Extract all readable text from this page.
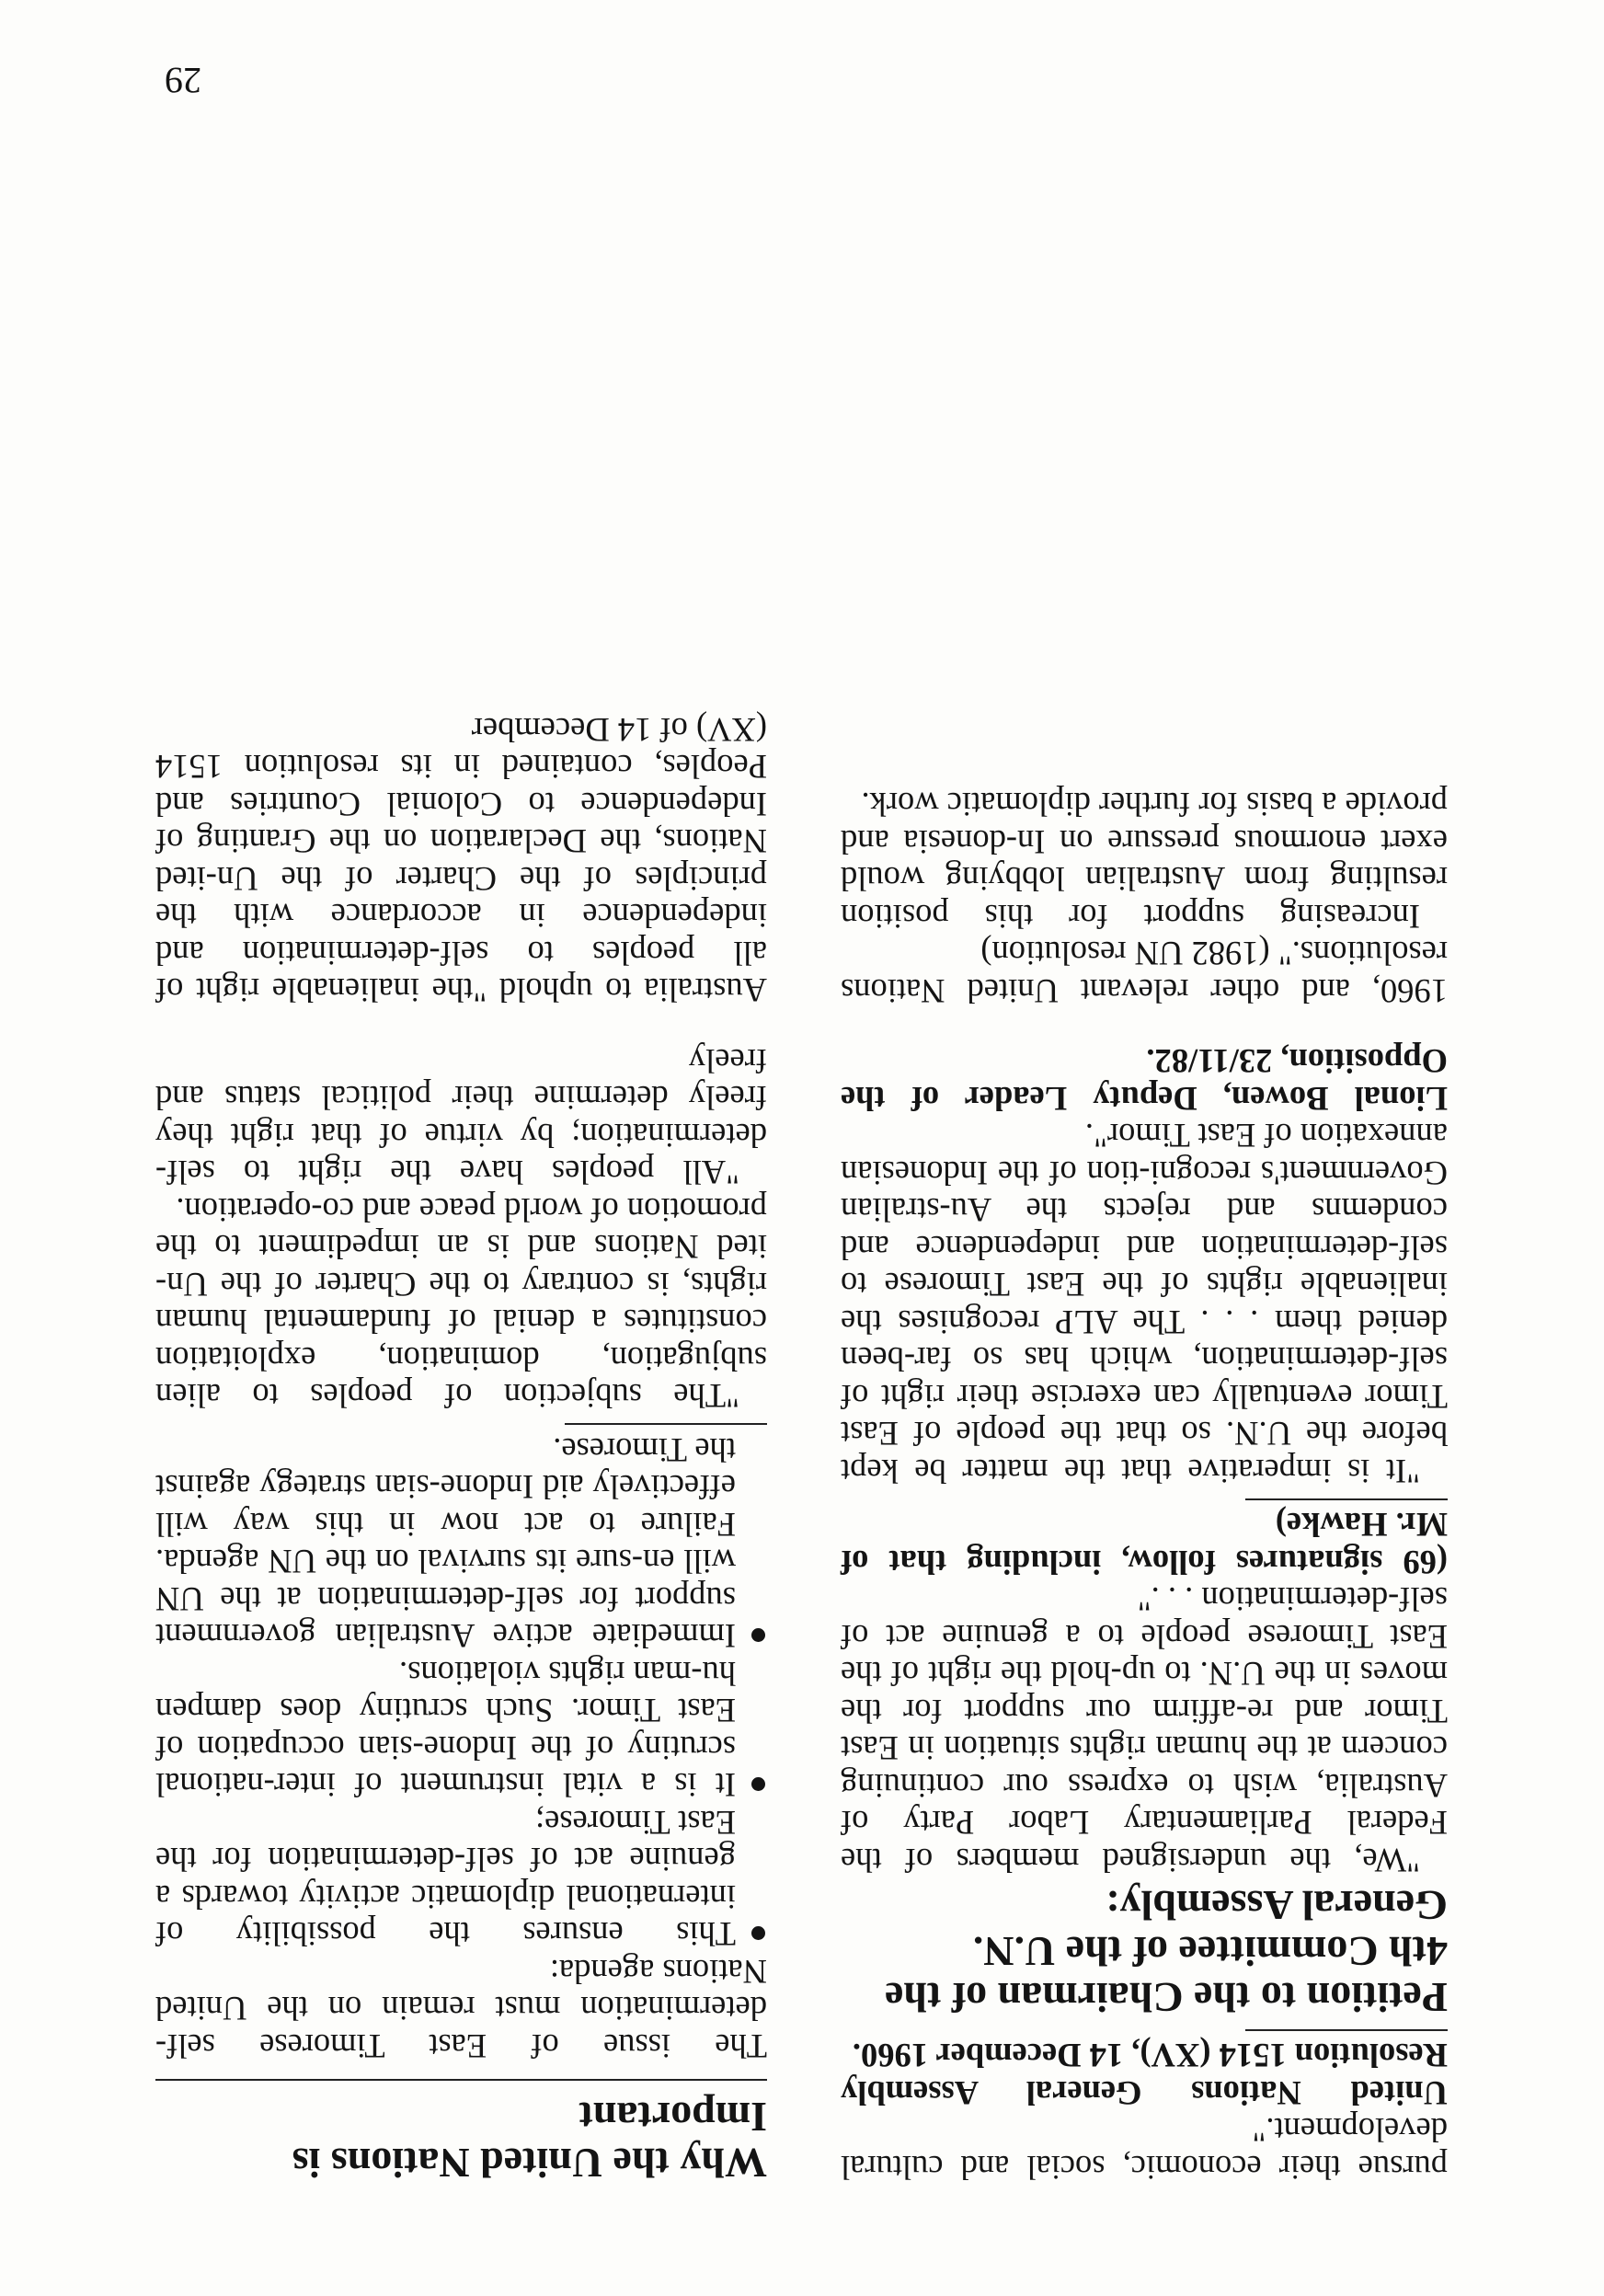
pursue their economic, social and cultural development."

United Nations General Assembly Resolution 1514 (XV), 14 December 1960.

Petition to the Chairman of the 4th Committee of the U.N. General Assembly:

"We, the undersigned members of the Federal Parliamentary Labor Party of Australia, wish to express our continuing concern at the human rights situation in East Timor and re-affirm our support for the moves in the U.N. to up-hold the right of the East Timorese people to a genuine act of self-determination . . ."

(69 signatures follow, including that of Mr. Hawke)

"It is imperative that the matter be kept before the U.N. so that the people of East Timor eventually can exercise their right of self-determination, which has so far-been denied them . . . The ALP recognises the inalienable rights of the East Timorese to self-determination and independence and condemns and rejects the Au-stralian Government's recogni-tion of the Indonesian annexation of East Timor".

Lional Bowen, Deputy Leader of the Opposition, 23/11/82.

1960, and other relevant United Nations resolutions." (1982 UN resolution)

Increasing support for this position resulting from Australian lobbying would exert enormous pressure on In-donesia and provide a basis for further diplomatic work.

Why the United Nations is Important

The issue of East Timorese self-determination must remain on the United Nations agenda:

This ensures the possibility of international diplomatic activity towards a genuine act of self-determination for the East Timorese;
It is a vital instrument of inter-national scrutiny of the Indone-sian occupation of East Timor. Such scrutiny does dampen hu-man rights violations.
Immediate active Australian government support for self-determination at the UN will en-sure its survival on the UN agenda. Failure to act now in this way will effectively aid Indone-sian strategy against the Timorese.

"The subjection of peoples to alien subjugation, domination, exploitation constitutes a denial of fundamental human rights, is contrary to the Charter of the Un-ited Nations and is an impediment to the promotion of world peace and co-operation.

"All peoples have the right to self-determination; by virtue of that right they freely determine their political status and freely

Australia to uphold "the inalienable right of all peoples to self-determination and independence in accordance with the principles of the Charter of the Un-ited Nations, the Declaration on the Granting of Independence to Colonial Countries and Peoples, contained in its resolution 1514 (XV) of 14 December

29
